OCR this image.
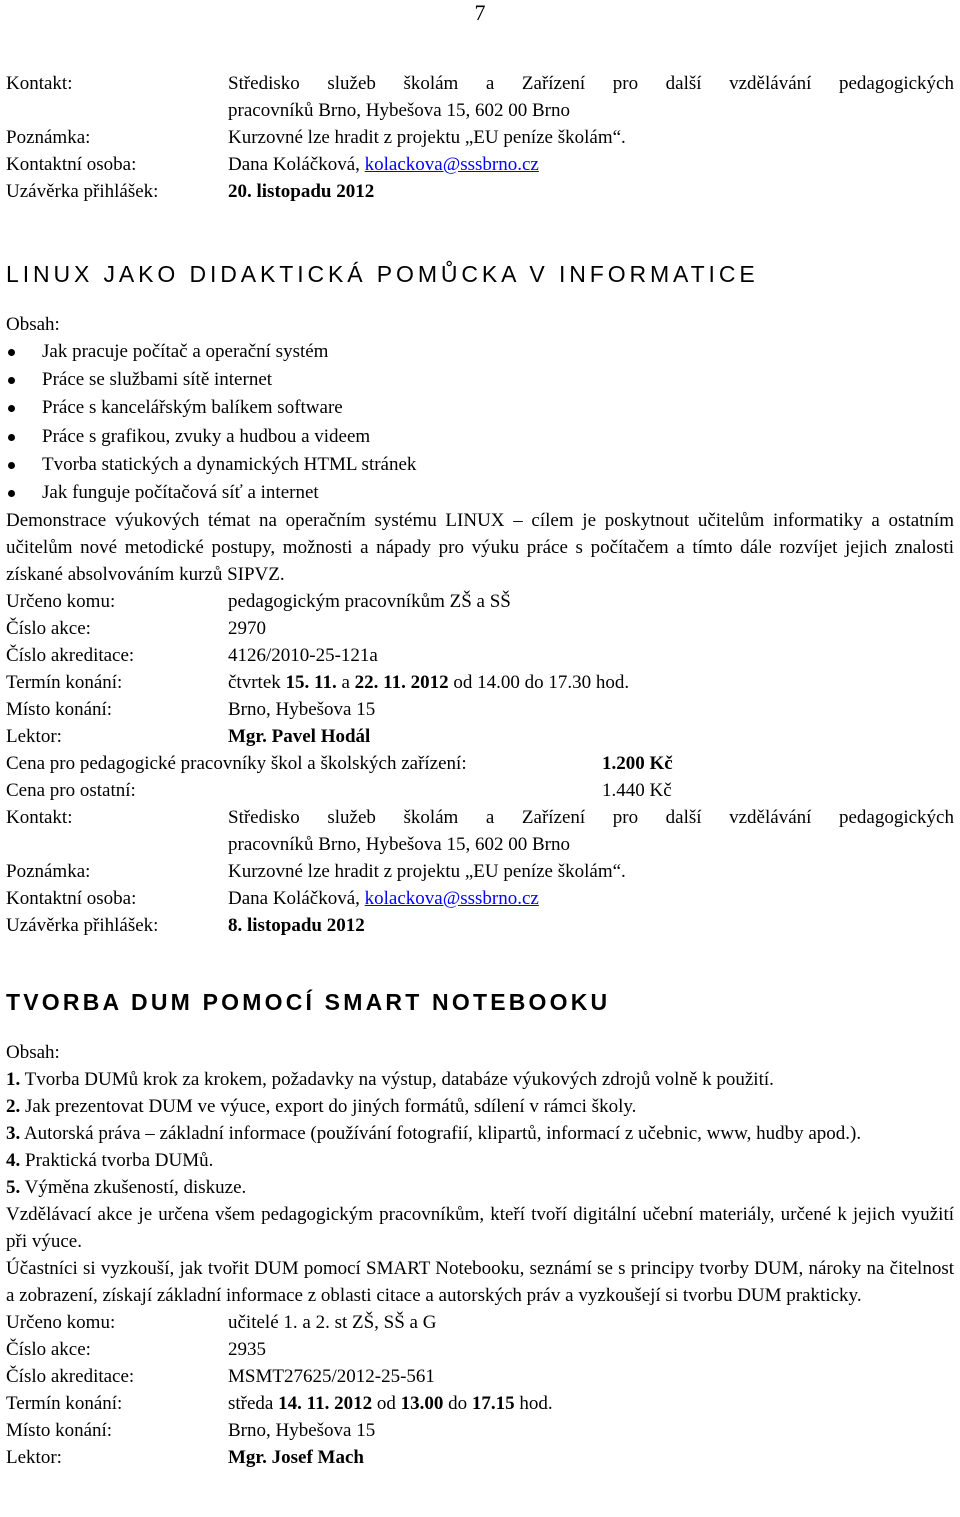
7
Kontakt:	Středisko služeb školám a Zařízení pro další vzdělávání pedagogických
pracovníků Brno, Hybešova 15, 602 00 Brno
Poznámka:	Kurzovné lze hradit z projektu „EU peníze školám“.
Kontaktní osoba:	Dana Koláčková, kolackova@sssbrno.cz
Uzávěrka přihlášek:	20. listopadu 2012
LINUX JAKO DIDAKTICKÁ POMŮCKA V INFORMATICE
Obsah:
Jak pracuje počítač a operační systém
Práce se službami sítě internet
Práce s kancelářským balíkem software
Práce s grafikou, zvuky a hudbou a videem
Tvorba statických a dynamických HTML stránek
Jak funguje počítačová síť a internet
Demonstrace výukových témat na operačním systému LINUX – cílem je poskytnout učitelům informatiky a ostatním učitelům nové metodické postupy, možnosti a nápady pro výuku práce s počítačem a tímto dále rozvíjet jejich znalosti získané absolvováním kurzů SIPVZ.
Určeno komu:	pedagogickým pracovníkům ZŠ a SŠ
Číslo akce:	2970
Číslo akreditace:	4126/2010-25-121a
Termín konání:	čtvrtek 15. 11. a 22. 11. 2012 od 14.00 do 17.30 hod.
Místo konání:	Brno, Hybešova 15
Lektor:	Mgr. Pavel Hodál
Cena pro pedagogické pracovníky škol a školských zařízení:	1.200 Kč
Cena pro ostatní:	1.440 Kč
Kontakt:	Středisko služeb školám a Zařízení pro další vzdělávání pedagogických
pracovníků Brno, Hybešova 15, 602 00 Brno
Poznámka:	Kurzovné lze hradit z projektu „EU peníze školám“.
Kontaktní osoba:	Dana Koláčková, kolackova@sssbrno.cz
Uzávěrka přihlášek:	8. listopadu 2012
TVORBA DUM POMOCÍ SMART NOTEBOOKU
Obsah:
1. Tvorba DUMů krok za krokem, požadavky na výstup, databáze výukových zdrojů volně k použití.
2. Jak prezentovat DUM ve výuce, export do jiných formátů, sdílení v rámci školy.
3. Autorská práva – základní informace (používání fotografií, klipartů, informací z učebnic, www, hudby apod.).
4. Praktická tvorba DUMů.
5. Výměna zkušeností, diskuze.
Vzdělávací akce je určena všem pedagogickým pracovníkům, kteří tvoří digitální učební materiály, určené k jejich využití při výuce.
Účastníci si vyzkouší, jak tvořit DUM pomocí SMART Notebooku, seznámí se s principy tvorby DUM, nároky na čitelnost a zobrazení, získají základní informace z oblasti citace a autorských práv a vyzkoušejí si tvorbu DUM prakticky.
Určeno komu:	učitelé 1. a 2. st ZŠ, SŠ a G
Číslo akce:	2935
Číslo akreditace:	MSMT27625/2012-25-561
Termín konání:	středa 14. 11. 2012 od 13.00 do 17.15 hod.
Místo konání:	Brno, Hybešova 15
Lektor:	Mgr. Josef Mach
